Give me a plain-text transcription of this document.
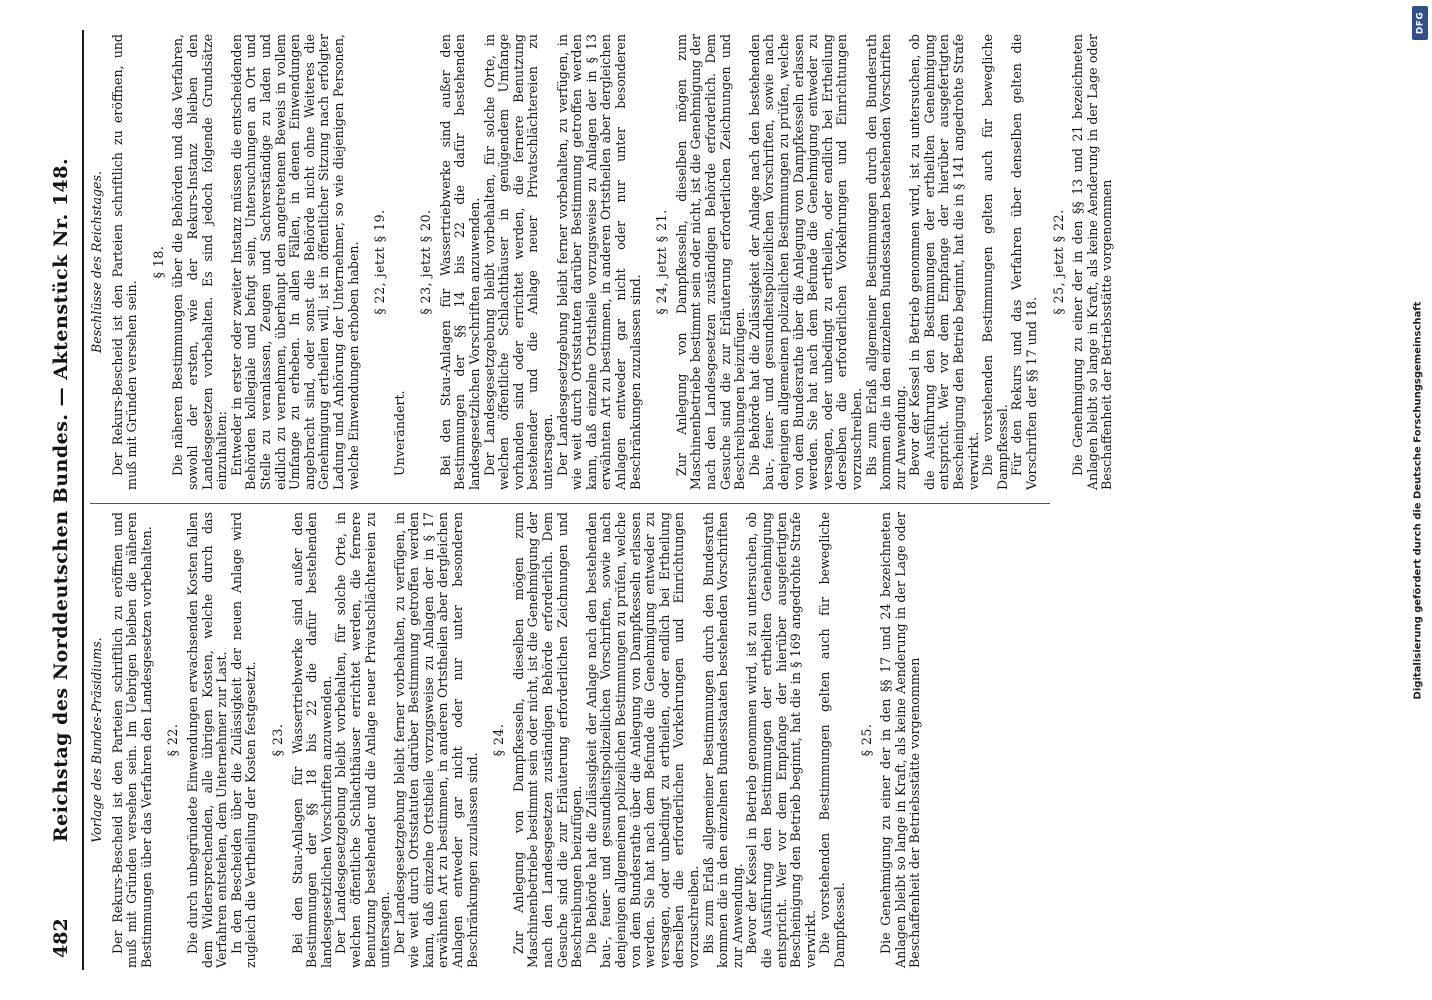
482
Reichstag des Norddeutschen Bundes. — Aktenstück Nr. 148. Vorlage des Bundes-Präsidiums. Der Rekurs-Bescheid ist den Parteien schriftlich zu eröffnen und muß mit Gründen versehen sein. Im Uebrigen bleiben die näheren Bestimmungen über das Verfahren den Landesgesetzen vorbehalten. § 22. Die durch unbegründete Einwendungen erwachsenden Kosten fallen dem Widersprechenden, alle übrigen Kosten, welche durch das Verfahren entstehen, dem Unternehmer zur Last. In den Bescheiden über die Zulässigkeit der neuen Anlage wird zugleich die Vertheilung der Kosten festgesetzt. § 23. Bei den Stau-Anlagen für Wassertriebwerke sind außer den Bestimmungen der §§ 18 bis 22 die dafür bestehenden landesgesetzlichen Vorschriften anzuwenden. Der Landesgesetzgebung bleibt vorbehalten, für solche Orte, in welchen öffentliche Schlachthäuser errichtet werden, die fernere Benutzung bestehender und die Anlage neuer Privatschlächtereien zu untersagen. Der Landesgesetzgebung bleibt ferner vorbehalten, zu verfügen, in wie weit durch Ortsstatuten darüber Bestimmung getroffen werden kann, daß einzelne Ortstheile vorzugsweise zu Anlagen der in § 17 erwähnten Art zu bestimmen, in anderen Ortstheilen aber dergleichen Anlagen entweder gar nicht oder nur unter besonderen Beschränkungen zuzulassen sind.
§ 24. Zur Anlegung von Dampfkesseln, dieselben mögen zum Maschinenbetriebe bestimmt sein oder nicht, ist die Genehmigung der nach den Landesgesetzen zuständigen Behörde erforderlich. Dem Gesuche sind die zur Erläuterung erforderlichen Zeichnungen und Beschreibungen beizufügen. Die Behörde hat die Zulässigkeit der Anlage nach den bestehenden bau-, feuer- und gesundheitspolizeilichen Vorschriften, sowie nach denjenigen allgemeinen polizeilichen Bestimmungen zu prüfen, welche von dem Bundesrathe über die Anlegung von Dampfkesseln erlassen werden. Sie hat nach dem Befunde die Genehmigung entweder zu versagen, oder unbedingt zu ertheilen, oder endlich bei Ertheilung derselben die erforderlichen Vorkehrungen und Einrichtungen vorzuschreiben. Bis zum Erlaß allgemeiner Bestimmungen durch den Bundesrath kommen die in den einzelnen Bundesstaaten bestehenden Vorschriften zur Anwendung. Bevor der Kessel in Betrieb genommen wird, ist zu untersuchen, ob die Ausführung den Bestimmungen der ertheilten Genehmigung entspricht. Wer vor dem Empfange der hierüber ausgefertigten Bescheinigung den Betrieb beginnt, hat die in § 169 angedrohte Strafe verwirkt. Die vorstehenden Bestimmungen gelten auch für bewegliche Dampfkessel.
§ 25. Die Genehmigung zu einer der in den §§ 17 und 24 bezeichneten Anlagen bleibt so lange in Kraft, als keine Aenderung in der Lage oder Beschaffenheit der Betriebsstätte vorgenommen
Beschlüsse des Reichstages. Der Rekurs-Bescheid ist den Parteien schriftlich zu eröffnen, und muß mit Gründen versehen sein.
§ 18. Die näheren Bestimmungen über die Behörden und das Verfahren, sowohl der ersten, wie der Rekurs-Instanz bleiben den Landesgesetzen vorbehalten. Es sind jedoch folgende Grundsätze einzuhalten: Entweder in erster oder zweiter Instanz müssen die entscheidenden Behörden kollegiale und befugt sein, Untersuchungen an Ort und Stelle zu veranlassen, Zeugen und Sachverständige zu laden und eidlich zu vernehmen, überhaupt den angetretenen Beweis in vollem Umfange zu erheben. In allen Fällen, in denen Einwendungen angebracht sind, oder sonst die Behörde nicht ohne Weiteres die Genehmigung ertheilen will, ist in öffentlicher Sitzung nach erfolgter Ladung und Anhörung der Unternehmer, so wie diejenigen Personen, welche Einwendungen erhoben haben. § 22, jetzt § 19.
Unverändert.
§ 23, jetzt § 20. Bei den Stau-Anlagen für Wassertriebwerke sind außer den Bestimmungen der §§ 14 bis 22 die dafür bestehenden landesgesetzlichen Vorschriften anzuwenden. Der Landesgesetzgebung bleibt vorbehalten, für solche Orte, in welchen öffentliche Schlachthäuser in genügendem Umfange vorhanden sind oder errichtet werden, die fernere Benutzung bestehender und die Anlage neuer Privatschlächtereien zu untersagen. Der Landesgesetzgebung bleibt ferner vorbehalten, zu verfügen, in wie weit durch Ortsstatuten darüber Bestimmung getroffen werden kann, daß einzelne Ortstheile vorzugsweise zu Anlagen der in § 13 erwähnten Art zu bestimmen, in anderen Ortstheilen aber dergleichen Anlagen entweder gar nicht oder nur unter besonderen Beschränkungen zuzulassen sind.
§ 24, jetzt § 21. Zur Anlegung von Dampfkesseln, dieselben mögen zum Maschinenbetriebe bestimmt sein oder nicht, ist die Genehmigung der nach den Landesgesetzen zuständigen Behörde erforderlich. Dem Gesuche sind die zur Erläuterung erforderlichen Zeichnungen und Beschreibungen beizufügen. Die Behörde hat die Zulässigkeit der Anlage nach den bestehenden bau-, feuer- und gesundheitspolizeilichen Vorschriften, sowie nach denjenigen allgemeinen polizeilichen Bestimmungen zu prüfen, welche von dem Bundesrathe über die Anlegung von Dampfkesseln erlassen werden. Sie hat nach dem Befunde die Genehmigung entweder zu versagen, oder unbedingt zu ertheilen, oder endlich bei Ertheilung derselben die erforderlichen Vorkehrungen und Einrichtungen vorzuschreiben. Bis zum Erlaß allgemeiner Bestimmungen durch den Bundesrath kommen die in den einzelnen Bundesstaaten bestehenden Vorschriften zur Anwendung. Bevor der Kessel in Betrieb genommen wird, ist zu untersuchen, ob die Ausführung den Bestimmungen der ertheilten Genehmigung entspricht. Wer vor dem Empfange der hierüber ausgefertigten Bescheinigung den Betrieb beginnt, hat die in § 141 angedrohte Strafe verwirkt. Die vorstehenden Bestimmungen gelten auch für bewegliche Dampfkessel. Für den Rekurs und das Verfahren über denselben gelten die Vorschriften der §§ 17 und 18.
§ 25, jetzt § 22. Die Genehmigung zu einer der in den §§ 13 und 21 bezeichneten Anlagen bleibt so lange in Kraft, als keine Aenderung in der Lage oder Beschaffenheit der Betriebsstätte vorgenommen	Digitalisierung gefördert durch die Deutsche Forschungsgemeinschaft
DFG
